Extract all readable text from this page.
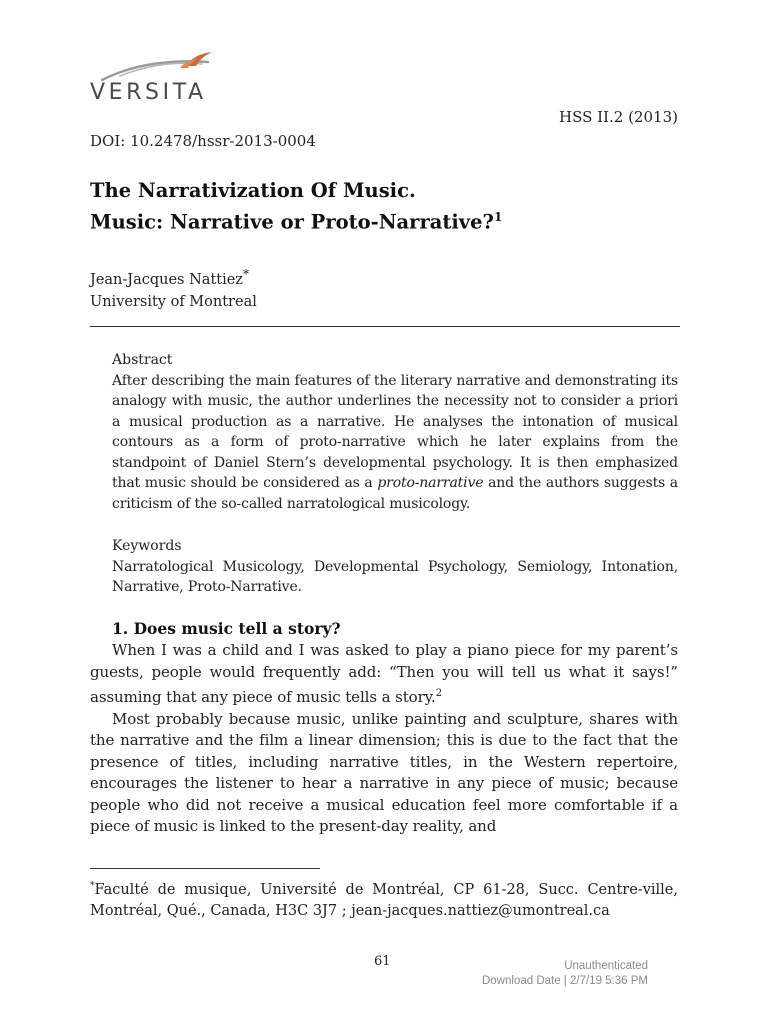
VERSITA
HSS II.2 (2013)
DOI: 10.2478/hssr-2013-0004
The Narrativization Of Music.
Music: Narrative or Proto-Narrative?$^1$
Jean-Jacques Nattiez*
University of Montreal
Abstract

After describing the main features of the literary narrative and demonstrating its analogy with music, the author underlines the necessity not to consider a priori a musical production as a narrative. He analyses the intonation of musical contours as a form of proto-narrative which he later explains from the standpoint of Daniel Stern’s developmental psychology. It is then emphasized that music should be considered as a proto-narrative and the authors suggests a criticism of the so-called narratological musicology.

Keywords

Narratological Musicology, Developmental Psychology, Semiology, Intonation, Narrative, Proto-Narrative.

1. Does music tell a story?

When I was a child and I was asked to play a piano piece for my parent’s guests, people would frequently add: “Then you will tell us what it says!” assuming that any piece of music tells a story.$^2$

Most probably because music, unlike painting and sculpture, shares with the narrative and the film a linear dimension; this is due to the fact that the presence of titles, including narrative titles, in the Western repertoire, encourages the listener to hear a narrative in any piece of music; because people who did not receive a musical education feel more comfortable if a piece of music is linked to the present-day reality, and

*Faculté de musique, Université de Montréal, CP 61-28, Succ. Centre-ville, Montréal, Qué., Canada, H3C 3J7 ; jean-jacques.nattiez@umontreal.ca

61	Unauthenticated
Download Date | 2/7/19 5:36 PM
